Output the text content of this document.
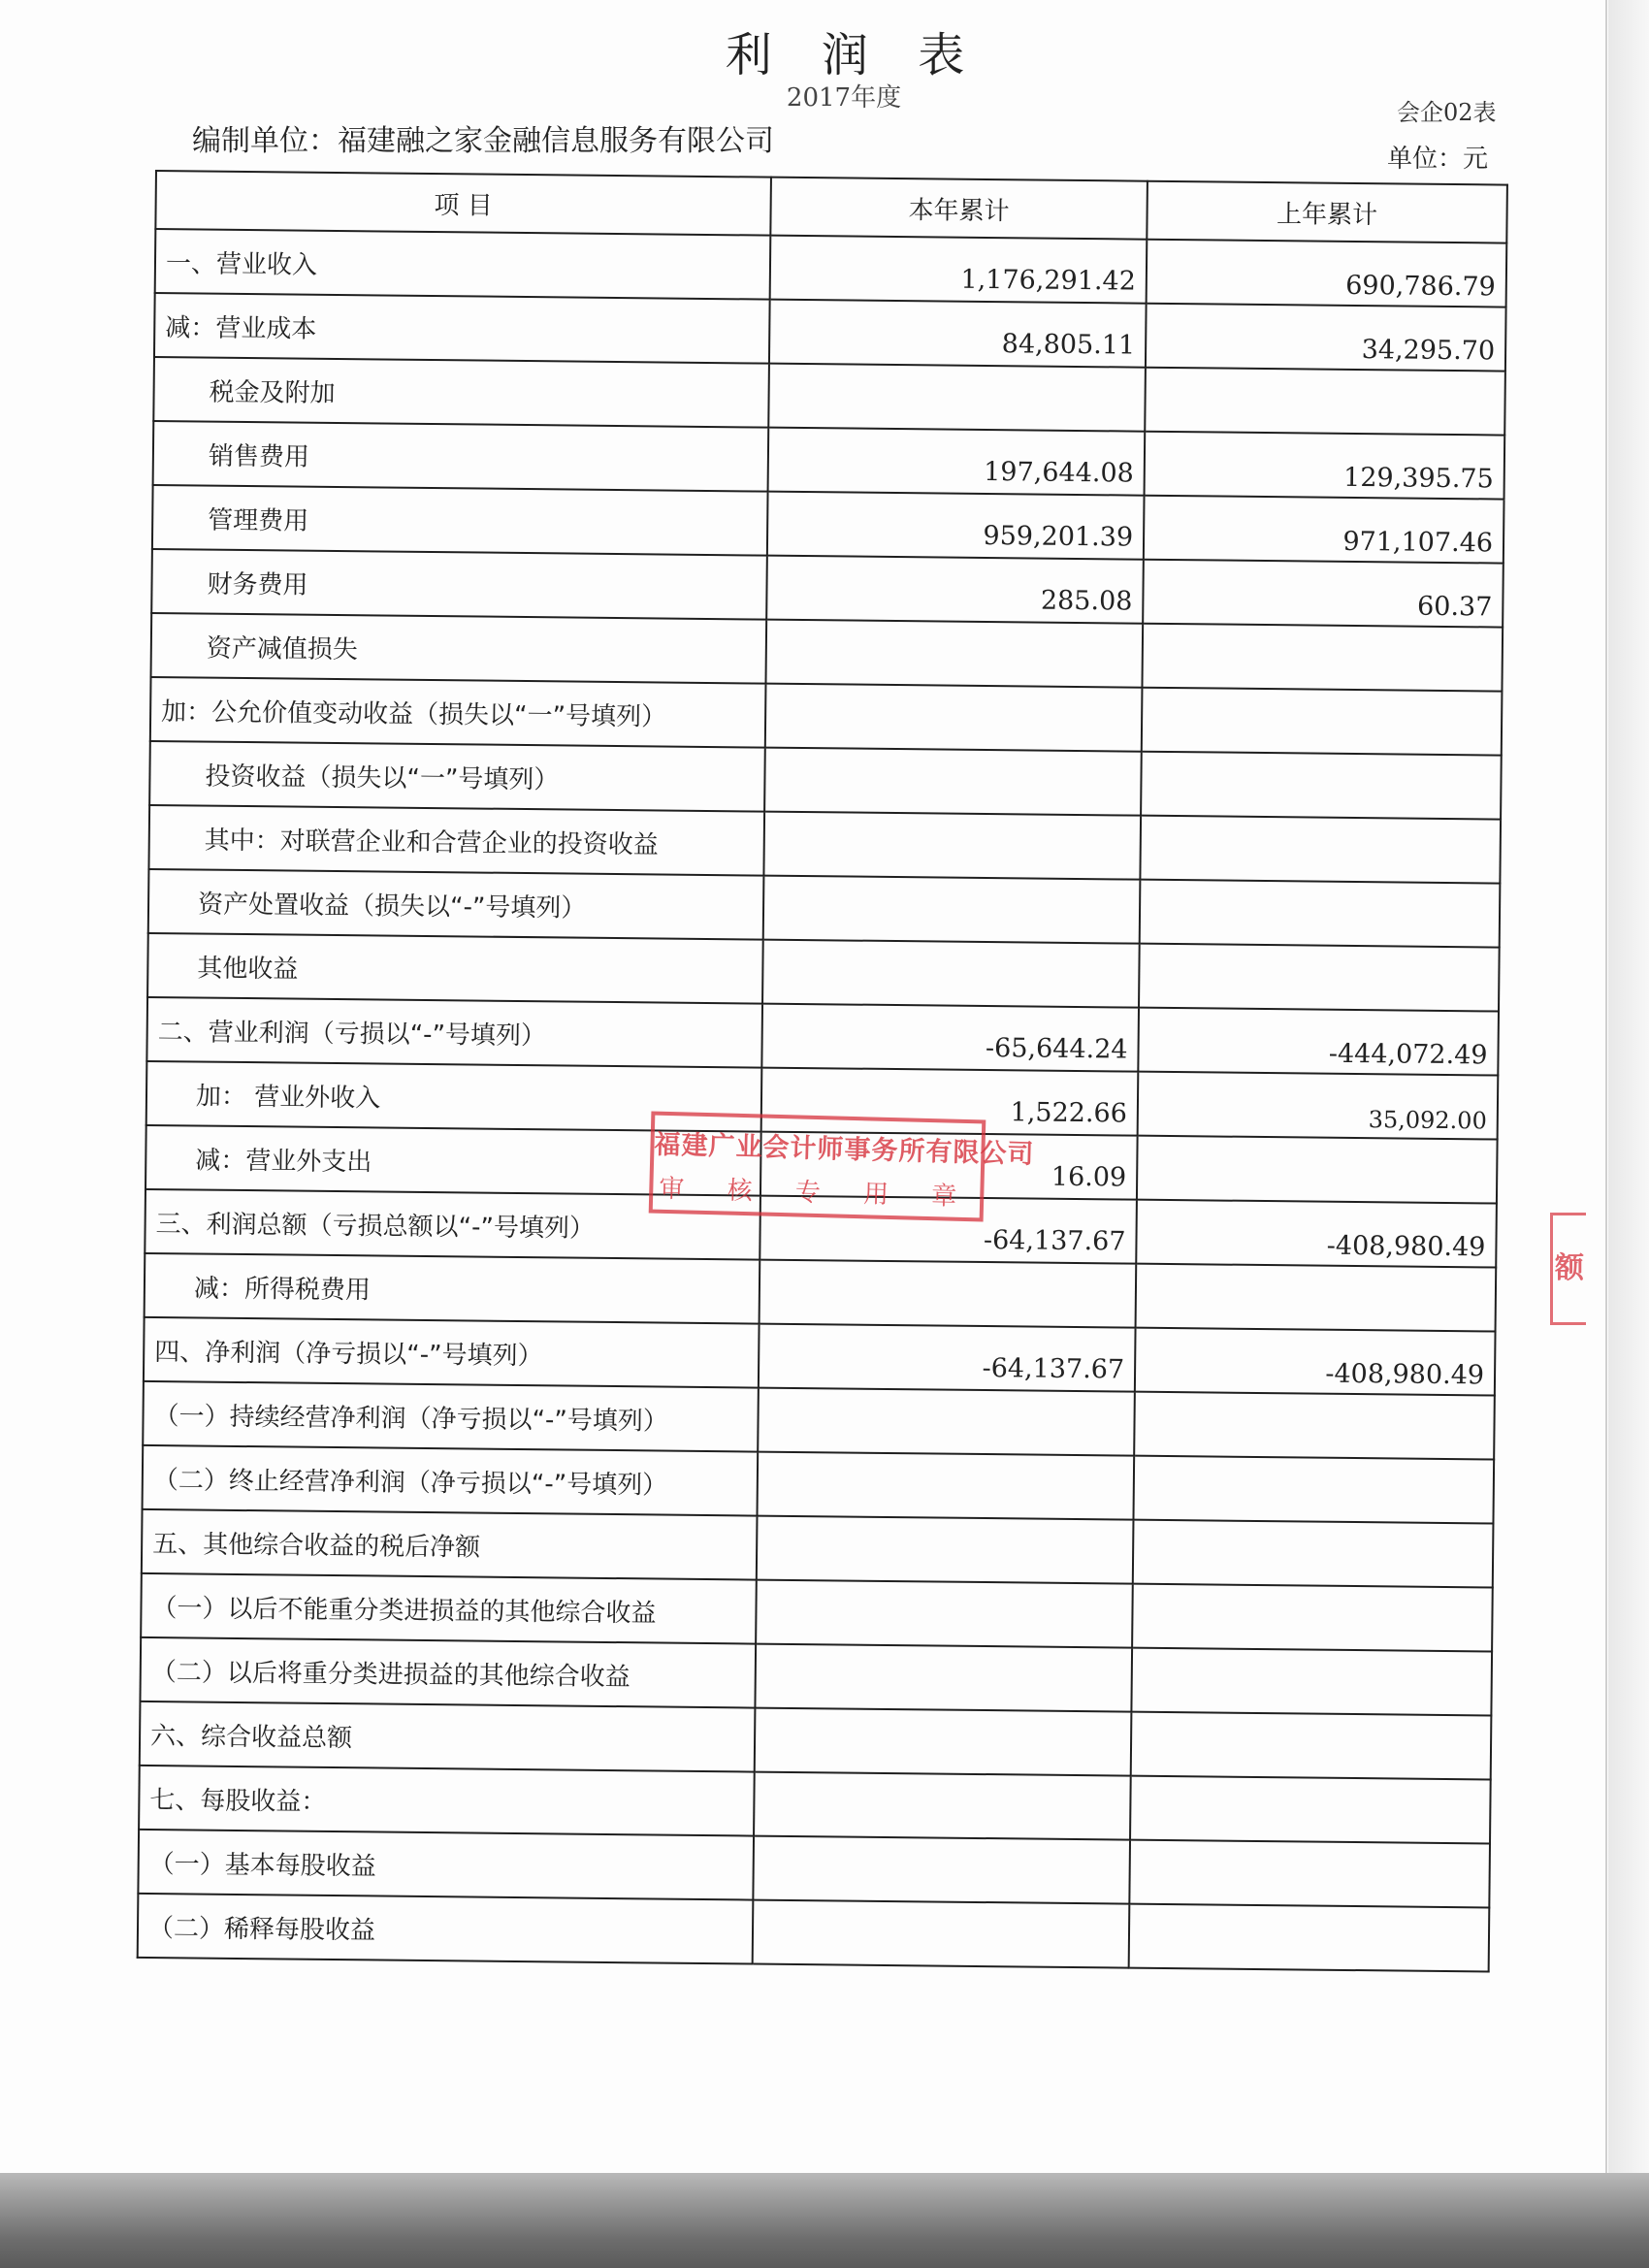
利 润 表
2017年度	会企02表
编制单位：福建融之家金融信息服务有限公司
单位：元
项 目	本年累计	上年累计
一、营业收入	1,176,291.42	690,786.79
减：营业成本	84,805.11	34,295.70
税金及附加		
销售费用	197,644.08	129,395.75
管理费用	959,201.39	971,107.46
财务费用	285.08	60.37
资产减值损失		
加：公允价值变动收益（损失以“一”号填列）		
投资收益（损失以“一”号填列）		
其中：对联营企业和合营企业的投资收益		
资产处置收益（损失以“-”号填列）		
其他收益		
二、营业利润（亏损以“-”号填列）	-65,644.24	-444,072.49
加： 营业外收入	1,522.66	35,092.00
减：营业外支出	16.09	
三、利润总额（亏损总额以“-”号填列）	-64,137.67	-408,980.49
减：所得税费用		
四、净利润（净亏损以“-”号填列）	-64,137.67	-408,980.49
（一）持续经营净利润（净亏损以“-”号填列）		
（二）终止经营净利润（净亏损以“-”号填列）		
五、其他综合收益的税后净额		
（一）以后不能重分类进损益的其他综合收益		
（二）以后将重分类进损益的其他综合收益		
六、综合收益总额		
七、每股收益：		
（一）基本每股收益		
（二）稀释每股收益		
福建广业会计师事务所有限公司
审 核 专 用 章
额
